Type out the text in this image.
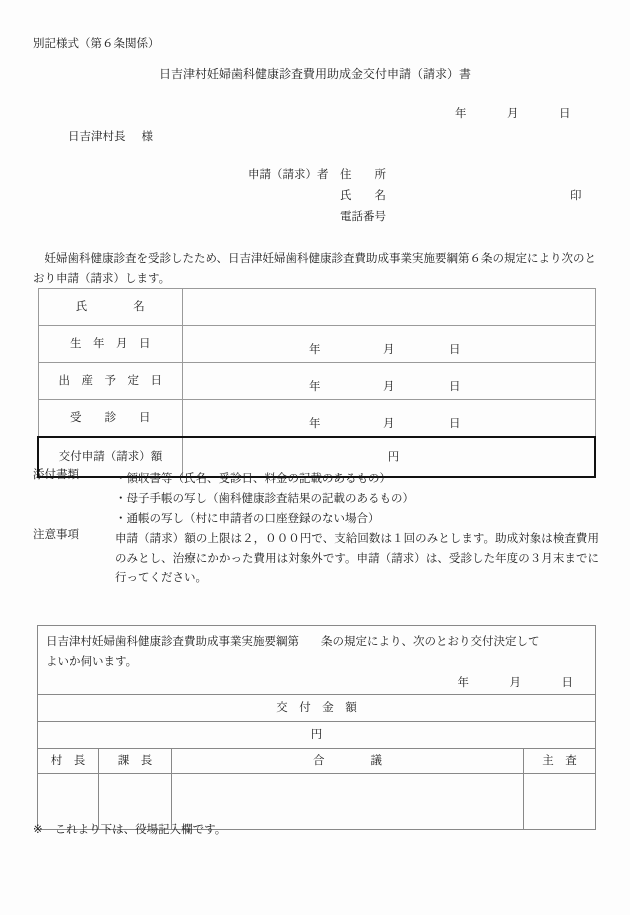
別記様式（第６条関係）
日吉津村妊婦歯科健康診査費用助成金交付申請（請求）書
年	月	日
日吉津村長 様
申請（請求）者	住　　所
氏　　名	印
電話番号
妊婦歯科健康診査を受診したため、日吉津妊婦歯科健康診査費助成事業実施要綱第６条の規定により次のとおり申請（請求）します。
氏　　　　名	
生　年　月　日	年 月 日

出　産　予　定　日	年 月 日

受　　診　　日	年 月 日

交付申請（請求）額	円
添付書類	・領収書等（氏名、受診日、料金の記載のあるもの）
・母子手帳の写し（歯科健康診査結果の記載のあるもの）
・通帳の写し（村に申請者の口座登録のない場合）
注意事項	申請（請求）額の上限は２，０００円で、支給回数は１回のみとします。助成対象は検査費用のみとし、治療にかかった費用は対象外です。申請（請求）は、受診した年度の３月末までに行ってください。
日吉津村妊婦歯科健康診査費助成事業実施要綱第 条の規定により、次のとおり交付決定して
よいか伺います。
年 月 日			

交　付　金　額			
円			
村　長	課　長	合　　　　議	主　査

※ これより下は、役場記入欄です。
